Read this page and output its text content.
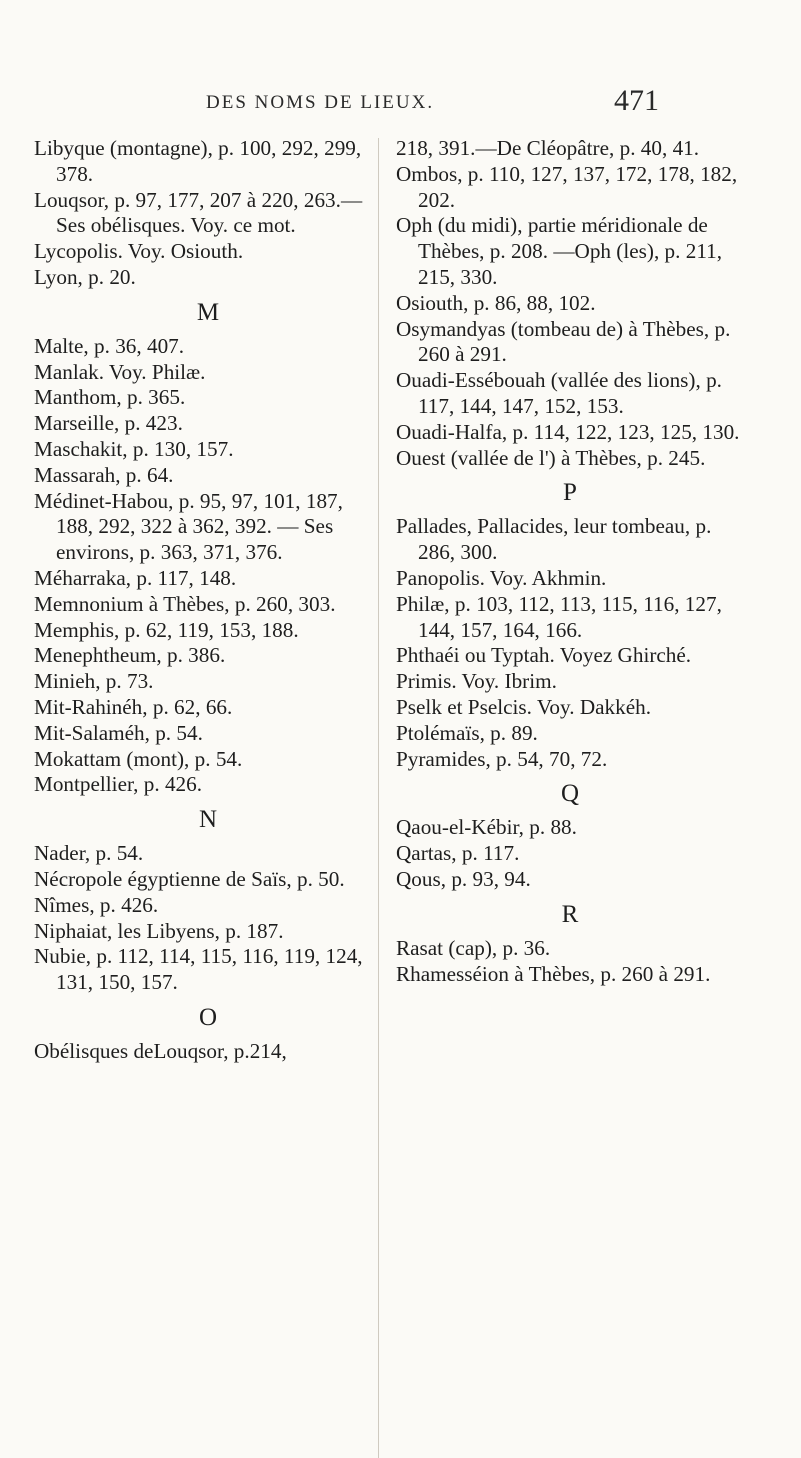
DES NOMS DE LIEUX.	471
Libyque (montagne), p. 100, 292, 299, 378.
Louqsor, p. 97, 177, 207 à 220, 263.—Ses obélisques. Voy. ce mot.
Lycopolis. Voy. Osiouth.
Lyon, p. 20.
M
Malte, p. 36, 407.
Manlak. Voy. Philæ.
Manthom, p. 365.
Marseille, p. 423.
Maschakit, p. 130, 157.
Massarah, p. 64.
Médinet-Habou, p. 95, 97, 101, 187, 188, 292, 322 à 362, 392. — Ses environs, p. 363, 371, 376.
Méharraka, p. 117, 148.
Memnonium à Thèbes, p. 260, 303.
Memphis, p. 62, 119, 153, 188.
Menephtheum, p. 386.
Minieh, p. 73.
Mit-Rahinéh, p. 62, 66.
Mit-Salaméh, p. 54.
Mokattam (mont), p. 54.
Montpellier, p. 426.
N
Nader, p. 54.
Nécropole égyptienne de Saïs, p. 50.
Nîmes, p. 426.
Niphaiat, les Libyens, p. 187.
Nubie, p. 112, 114, 115, 116, 119, 124, 131, 150, 157.
O
Obélisques deLouqsor, p.214,
218, 391.—De Cléopâtre, p. 40, 41.
Ombos, p. 110, 127, 137, 172, 178, 182, 202.
Oph (du midi), partie méridionale de Thèbes, p. 208. —Oph (les), p. 211, 215, 330.
Osiouth, p. 86, 88, 102.
Osymandyas (tombeau de) à Thèbes, p. 260 à 291.
Ouadi-Essébouah (vallée des lions), p. 117, 144, 147, 152, 153.
Ouadi-Halfa, p. 114, 122, 123, 125, 130.
Ouest (vallée de l') à Thèbes, p. 245.
P
Pallades, Pallacides, leur tombeau, p. 286, 300.
Panopolis. Voy. Akhmin.
Philæ, p. 103, 112, 113, 115, 116, 127, 144, 157, 164, 166.
Phthaéi ou Typtah. Voyez Ghirché.
Primis. Voy. Ibrim.
Pselk et Pselcis. Voy. Dakkéh.
Ptolémaïs, p. 89.
Pyramides, p. 54, 70, 72.
Q
Qaou-el-Kébir, p. 88.
Qartas, p. 117.
Qous, p. 93, 94.
R
Rasat (cap), p. 36.
Rhamesséion à Thèbes, p. 260 à 291.
